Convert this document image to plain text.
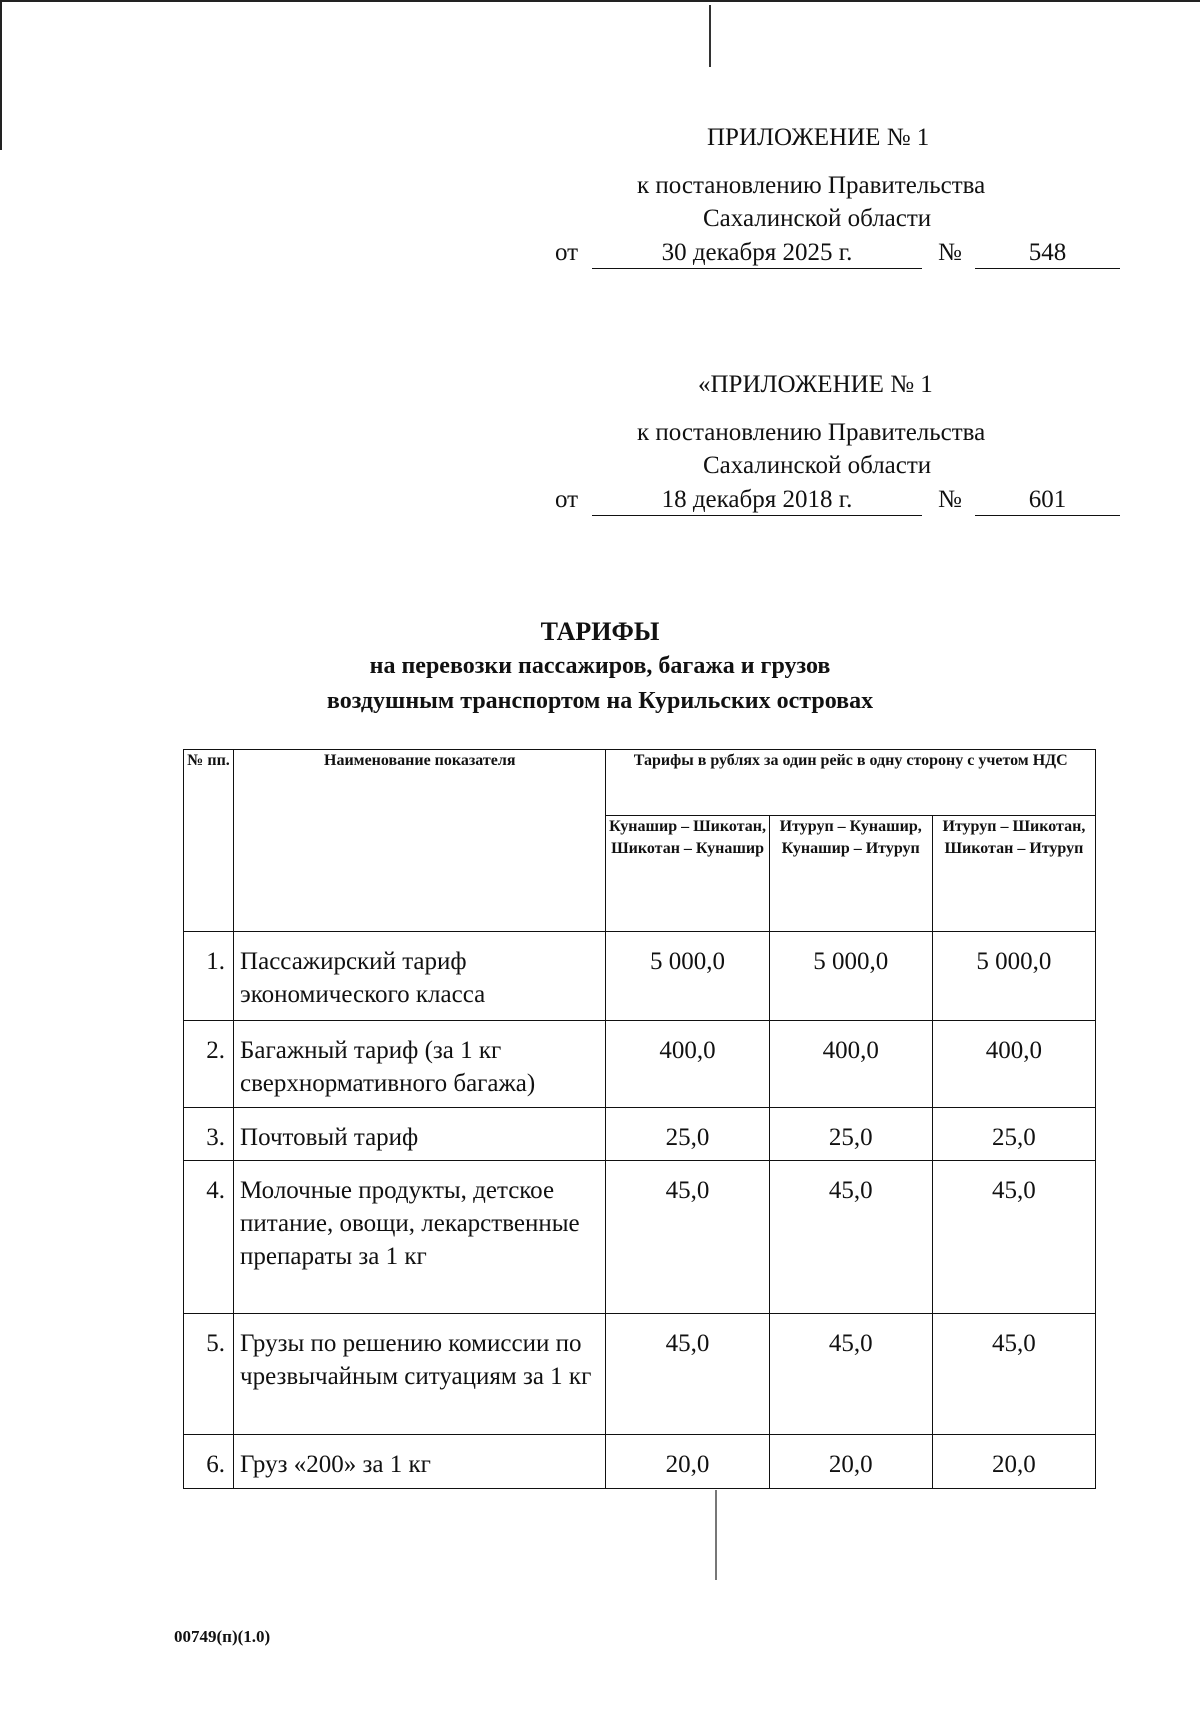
ПРИЛОЖЕНИЕ № 1
к постановлению Правительства
Сахалинской области
от	30 декабря 2025 г.	№	548
«ПРИЛОЖЕНИЕ № 1
к постановлению Правительства
Сахалинской области
от	18 декабря 2018 г.	№	601
ТАРИФЫ
на перевозки пассажиров, багажа и грузов
воздушным транспортом на Курильских островах
№ пп.	Наименование показателя	Тарифы в рублях за один рейс в одну сторону с учетом НДС		
		Кунашир – Шикотан, Шикотан – Кунашир	Итуруп – Кунашир, Кунашир – Итуруп	Итуруп – Шикотан, Шикотан – Итуруп
1.	Пассажирский тариф экономического класса	5 000,0	5 000,0	5 000,0
2.	Багажный тариф (за 1 кг сверхнормативного багажа)	400,0	400,0	400,0
3.	Почтовый тариф	25,0	25,0	25,0
4.	Молочные продукты, детское питание, овощи, лекарственные препараты за 1 кг	45,0	45,0	45,0
5.	Грузы по решению комиссии по чрезвычайным ситуациям за 1 кг	45,0	45,0	45,0
6.	Груз «200» за 1 кг	20,0	20,0	20,0
00749(п)(1.0)
